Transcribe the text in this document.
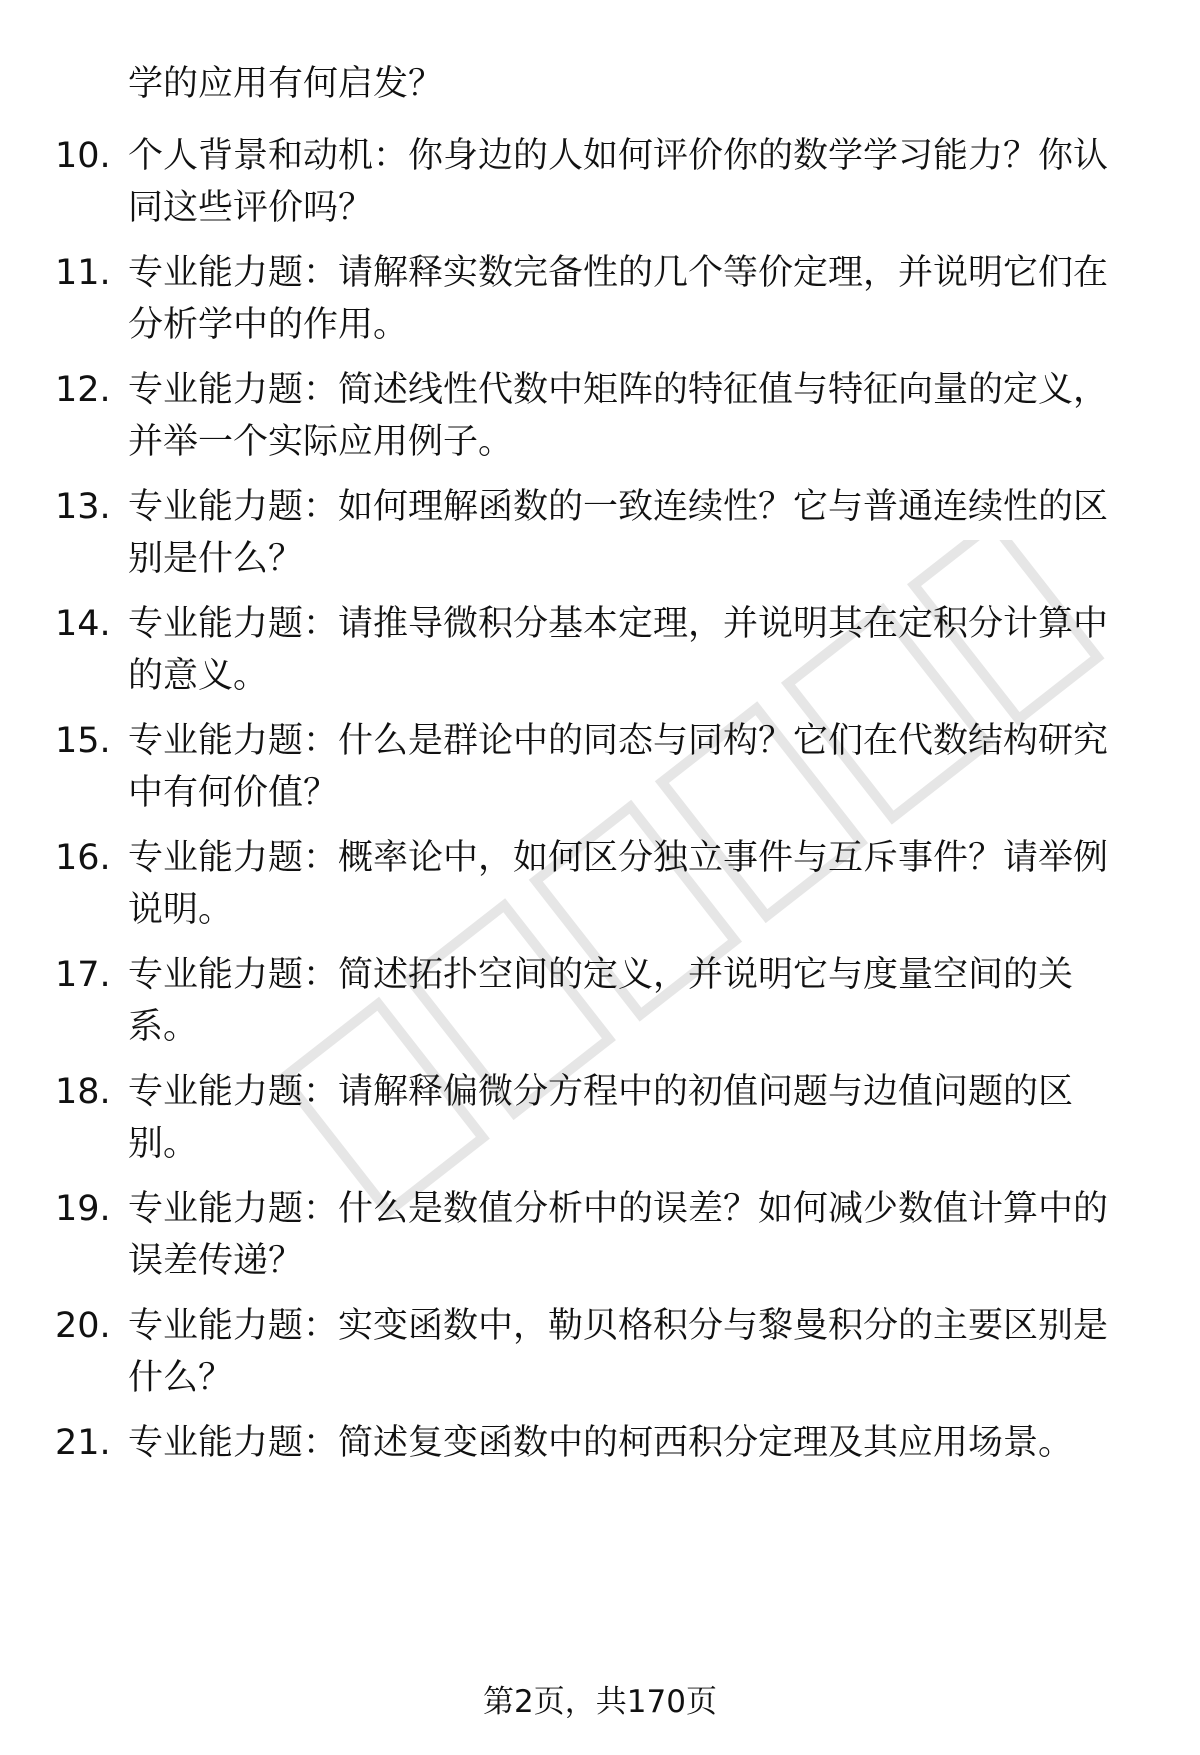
学的应用有何启发？
10. 个人背景和动机：你身边的人如何评价你的数学学习能力？你认
同这些评价吗？
11. 专业能力题：请解释实数完备性的几个等价定理，并说明它们在
分析学中的作用。
12. 专业能力题：简述线性代数中矩阵的特征值与特征向量的定义，
并举一个实际应用例子。
13. 专业能力题：如何理解函数的一致连续性？它与普通连续性的区
别是什么？
14. 专业能力题：请推导微积分基本定理，并说明其在定积分计算中
的意义。
15. 专业能力题：什么是群论中的同态与同构？它们在代数结构研究
中有何价值？
16. 专业能力题：概率论中，如何区分独立事件与互斥事件？请举例
说明。
17. 专业能力题：简述拓扑空间的定义，并说明它与度量空间的关
系。
18. 专业能力题：请解释偏微分方程中的初值问题与边值问题的区
别。
19. 专业能力题：什么是数值分析中的误差？如何减少数值计算中的
误差传递？
20. 专业能力题：实变函数中，勒贝格积分与黎曼积分的主要区别是
什么？
21. 专业能力题：简述复变函数中的柯西积分定理及其应用场景。
第2页，共170页
